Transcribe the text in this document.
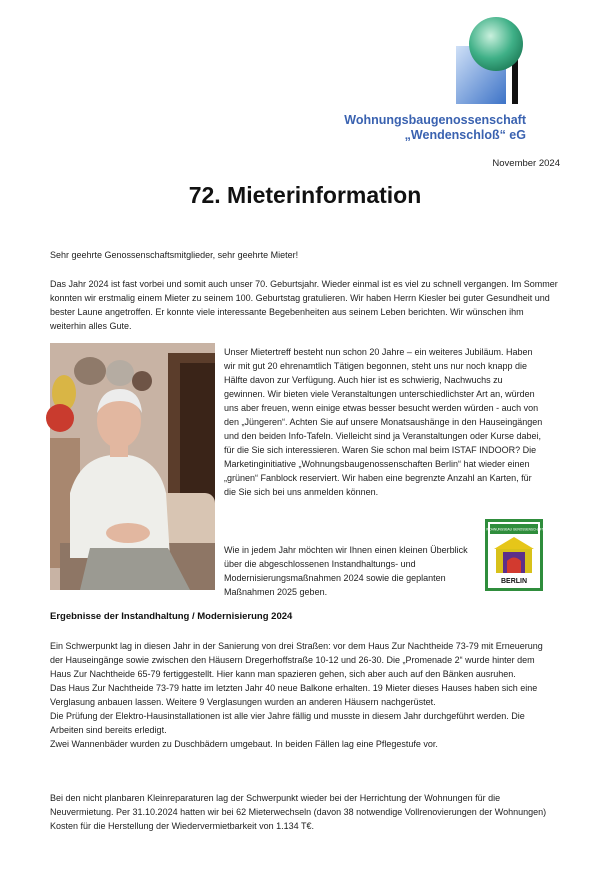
Wohnungsbaugenossenschaft
„Wendenschloß“ eG
November 2024
72. Mieterinformation

Sehr geehrte Genossenschaftsmitglieder, sehr geehrte Mieter!

Das Jahr 2024 ist fast vorbei und somit auch unser 70. Geburtsjahr. Wieder einmal ist es viel zu schnell vergangen. Im Sommer konnten wir erstmalig einem Mieter zu seinem 100. Geburtstag gratulieren. Wir haben Herrn Kiesler bei guter Gesundheit und bester Laune angetroffen. Er konnte viele interessante Begebenheiten aus seinem Leben berichten. Wir wünschen ihm weiterhin alles Gute.

Unser Mietertreff besteht nun schon 20 Jahre – ein weiteres Jubiläum. Haben wir mit gut 20 ehrenamtlich Tätigen begonnen, steht uns nur noch knapp die Hälfte davon zur Verfügung. Auch hier ist es schwierig, Nachwuchs zu gewinnen. Wir bieten viele Veranstaltungen unterschiedlichster Art an, würden uns aber freuen, wenn einige etwas besser besucht werden würden - auch von den „Jüngeren“. Achten Sie auf unsere Monatsaushänge in den Hauseingängen und den beiden Info-Tafeln. Vielleicht sind ja Veranstaltungen oder Kurse dabei, für die Sie sich interessieren. Waren Sie schon mal beim ISTAF INDOOR? Die Marketinginitiative „Wohnungsbaugenossenschaften Berlin“ hat wieder einen „grünen“ Fanblock reserviert. Wir haben eine begrenzte Anzahl an Karten, für die Sie sich bei uns anmelden können.

Wie in jedem Jahr möchten wir Ihnen einen kleinen Überblick über die abgeschlossenen Instandhaltungs- und Modernisierungsmaßnahmen 2024 sowie die geplanten Maßnahmen 2025 geben.

DIE WOHNUNGSBAU GENOSSENSCHAFTEN
BERLIN
Ergebnisse der Instandhaltung / Modernisierung 2024

Ein Schwerpunkt lag in diesen Jahr in der Sanierung von drei Straßen: vor dem Haus Zur Nachtheide 73-79 mit Erneuerung der Hauseingänge sowie zwischen den Häusern Dregerhoffstraße 10-12 und 26-30. Die „Promenade 2“ wurde hinter dem Haus Zur Nachtheide 65-79 fertiggestellt. Hier kann man spazieren gehen, sich aber auch auf den Bänken ausruhen.

Das Haus Zur Nachtheide 73-79 hatte im letzten Jahr 40 neue Balkone erhalten. 19 Mieter dieses Hauses haben sich eine Verglasung anbauen lassen. Weitere 9 Verglasungen wurden an anderen Häusern nachgerüstet.

Die Prüfung der Elektro-Hausinstallationen ist alle vier Jahre fällig und musste in diesem Jahr durchgeführt werden. Die Arbeiten sind bereits erledigt.

Zwei Wannenbäder wurden zu Duschbädern umgebaut. In beiden Fällen lag eine Pflegestufe vor.

Bei den nicht planbaren Kleinreparaturen lag der Schwerpunkt wieder bei der Herrichtung der Wohnungen für die Neuvermietung. Per 31.10.2024 hatten wir bei 62 Mieterwechseln (davon 38 notwendige Vollrenovierungen der Wohnungen) Kosten für die Herstellung der Wiedervermietbarkeit von 1.134 T€.
